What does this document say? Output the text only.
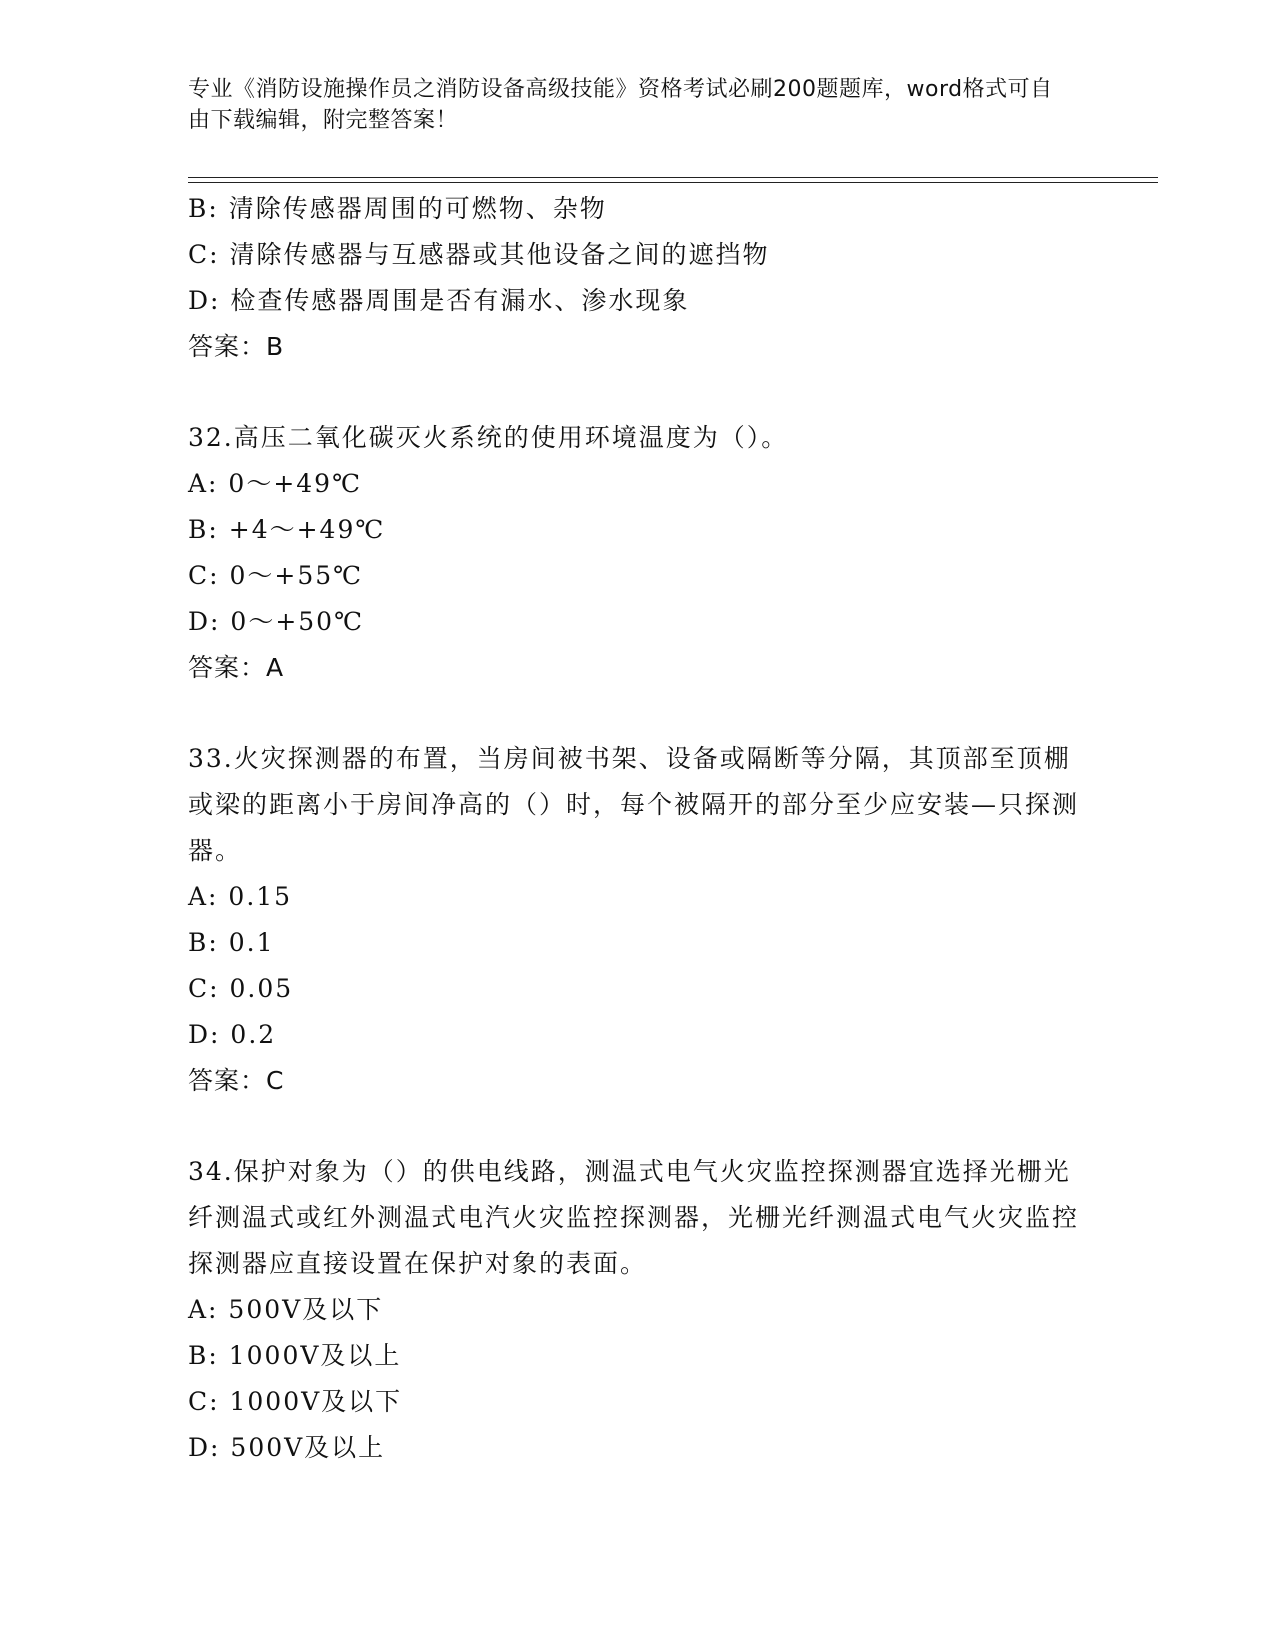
专业《消防设施操作员之消防设备高级技能》资格考试必刷200题题库，word格式可自由下载编辑，附完整答案！
B: 清除传感器周围的可燃物、杂物
C: 清除传感器与互感器或其他设备之间的遮挡物
D: 检查传感器周围是否有漏水、渗水现象
答案：B
32.高压二氧化碳灭火系统的使用环境温度为（）。
A: 0～+49℃
B: +4～+49℃
C: 0～+55℃
D: 0～+50℃
答案：A
33.火灾探测器的布置，当房间被书架、设备或隔断等分隔，其顶部至顶棚或梁的距离小于房间净高的（）时，每个被隔开的部分至少应安装—只探测器。
A: 0.15
B: 0.1
C: 0.05
D: 0.2
答案：C
34.保护对象为（）的供电线路，测温式电气火灾监控探测器宜选择光栅光纤测温式或红外测温式电汽火灾监控探测器，光栅光纤测温式电气火灾监控探测器应直接设置在保护对象的表面。
A: 500V及以下
B: 1000V及以上
C: 1000V及以下
D: 500V及以上
